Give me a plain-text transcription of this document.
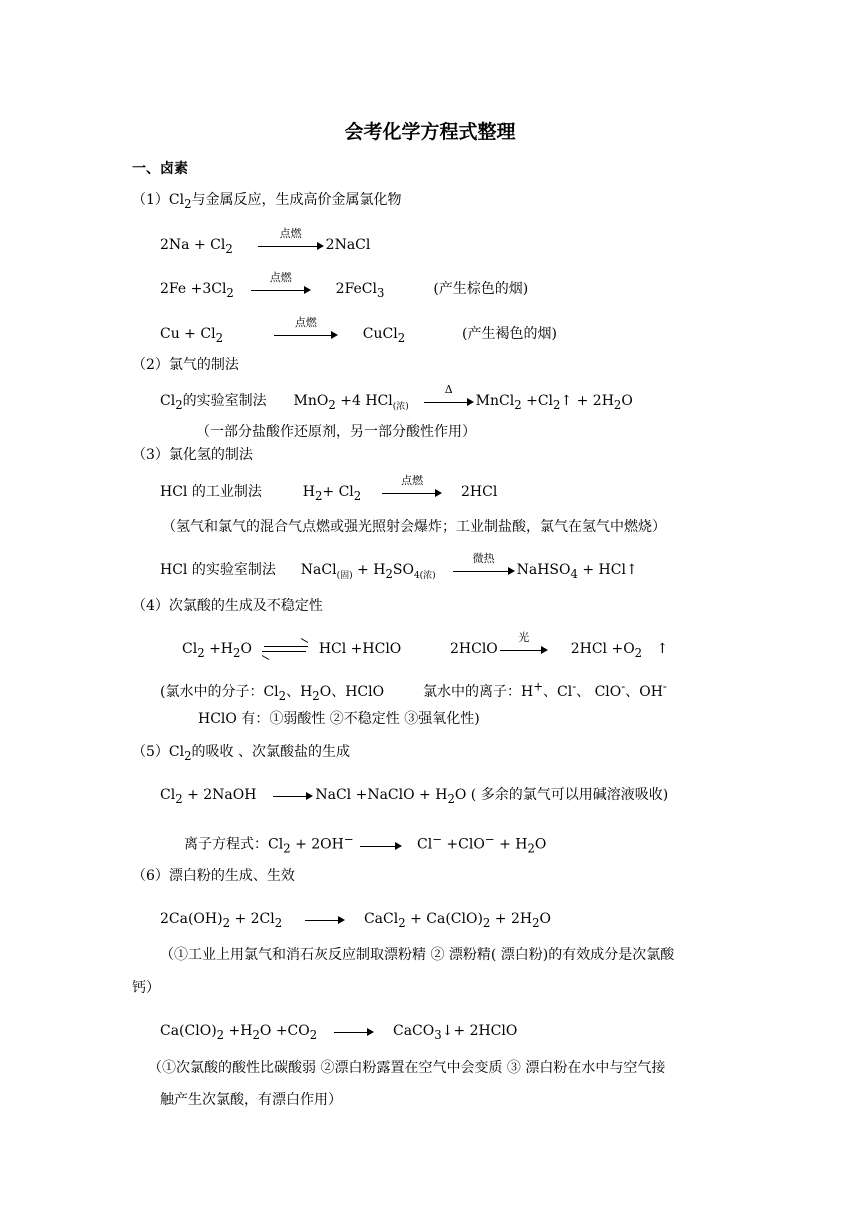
会考化学方程式整理
一、卤素
$(1)Cl_2$与金属反应，生成高价金属氯化物
$2Na + Cl_2$
点燃
2NaCl
$2Fe +3Cl_2$
点燃
2FeCl$_3$	(产生棕色的烟)
$Cu + Cl_2$
点燃
CuCl$_2$	(产生褐色的烟)
（2）氯气的制法
$Cl_2$的实验室制法 MnO$_2$ +4 HCl$_{(浓)}$
Δ
MnCl$_2$ $+Cl_2↑ + 2H_2O$
（一部分盐酸作还原剂，另一部分酸性作用）
（3）氯化氢的制法
HCl 的工业制法	$H_2+ Cl_2$
点燃
2HCl
（氢气和氯气的混合气点燃或强光照射会爆炸；工业制盐酸，氯气在氢气中燃烧）
HCl 的实验室制法 NaCl$_{(固)}$ + $H_2SO_{4(浓)}$
微热
NaHSO$_4$ + HCl↑
（4）次氯酸的生成及不稳定性
$Cl_2 +H_2O$	HCl +HClO	2HClO
光
$2HCl +O_2$ ↑
(氯水中的分子：$Cl_2$、$H_2O$、HClO	氯水中的离子：H+、Cl-、 ClO-、OH-
HClO 有：①弱酸性 ②不稳定性 ③强氧化性)
$(5)Cl_2$的吸收 、次氯酸盐的生成
$Cl_2$ + 2NaOH	NaCl +NaClO + $H_2O$ ( 多余的氯气可以用碱溶液吸收)
离子方程式：$Cl_2 + 2OH^-$	$Cl^- +ClO^- + H_2O$
（6）漂白粉的生成、生效
$2Ca(OH)_2 + 2Cl_2$	CaCl$_2$ + $Ca(ClO)_2 + 2H_2O$
（①工业上用氯气和消石灰反应制取漂粉精 ② 漂粉精( 漂白粉)的有效成分是次氯酸
钙）
$Ca(ClO)_2 +H_2O +CO_2$	CaCO$_3$↓+ 2HClO
（①次氯酸的酸性比碳酸弱 ②漂白粉露置在空气中会变质 ③ 漂白粉在水中与空气接
触产生次氯酸，有漂白作用）
